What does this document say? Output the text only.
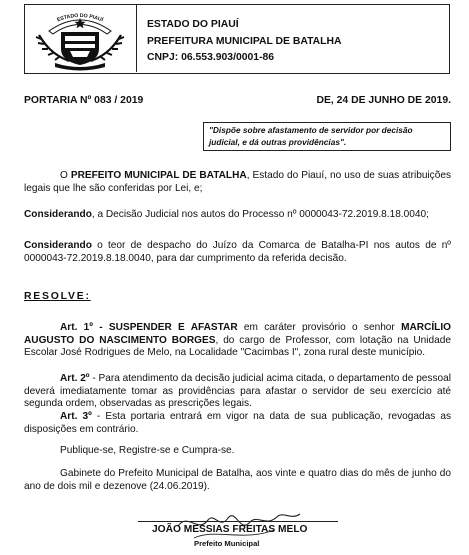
ESTADO DO PIAUÍ	ESTADO DO PIAUÍ
PREFEITURA MUNICIPAL DE BATALHA
CNPJ: 06.553.903/0001-86
PORTARIA Nº 083 / 2019	DE, 24 DE JUNHO DE 2019.
"Dispõe sobre afastamento de servidor por decisão judicial, e dá outras providências".
O PREFEITO MUNICIPAL DE BATALHA, Estado do Piauí, no uso de suas atribuições legais que lhe são conferidas por Lei, e;
Considerando, a Decisão Judicial nos autos do Processo nº 0000043-72.2019.8.18.0040;
Considerando o teor de despacho do Juízo da Comarca de Batalha-PI nos autos de nº 0000043-72.2019.8.18.0040, para dar cumprimento da referida decisão.
RESOLVE:
Art. 1º - SUSPENDER E AFASTAR em caráter provisório o senhor MARCÍLIO AUGUSTO DO NASCIMENTO BORGES, do cargo de Professor, com lotação na Unidade Escolar José Rodrigues de Melo, na Localidade "Cacimbas I", zona rural deste município.
Art. 2º - Para atendimento da decisão judicial acima citada, o departamento de pessoal deverá imediatamente tomar as providências para afastar o servidor de seu exercício até segunda ordem, observadas as prescrições legais.
Art. 3º - Esta portaria entrará em vigor na data de sua publicação, revogadas as disposições em contrário.
Publique-se, Registre-se e Cumpra-se.
Gabinete do Prefeito Municipal de Batalha, aos vinte e quatro dias do mês de junho do ano de dois mil e dezenove (24.06.2019).
JOÃO MESSIAS FREITAS MELO
Prefeito Municipal
